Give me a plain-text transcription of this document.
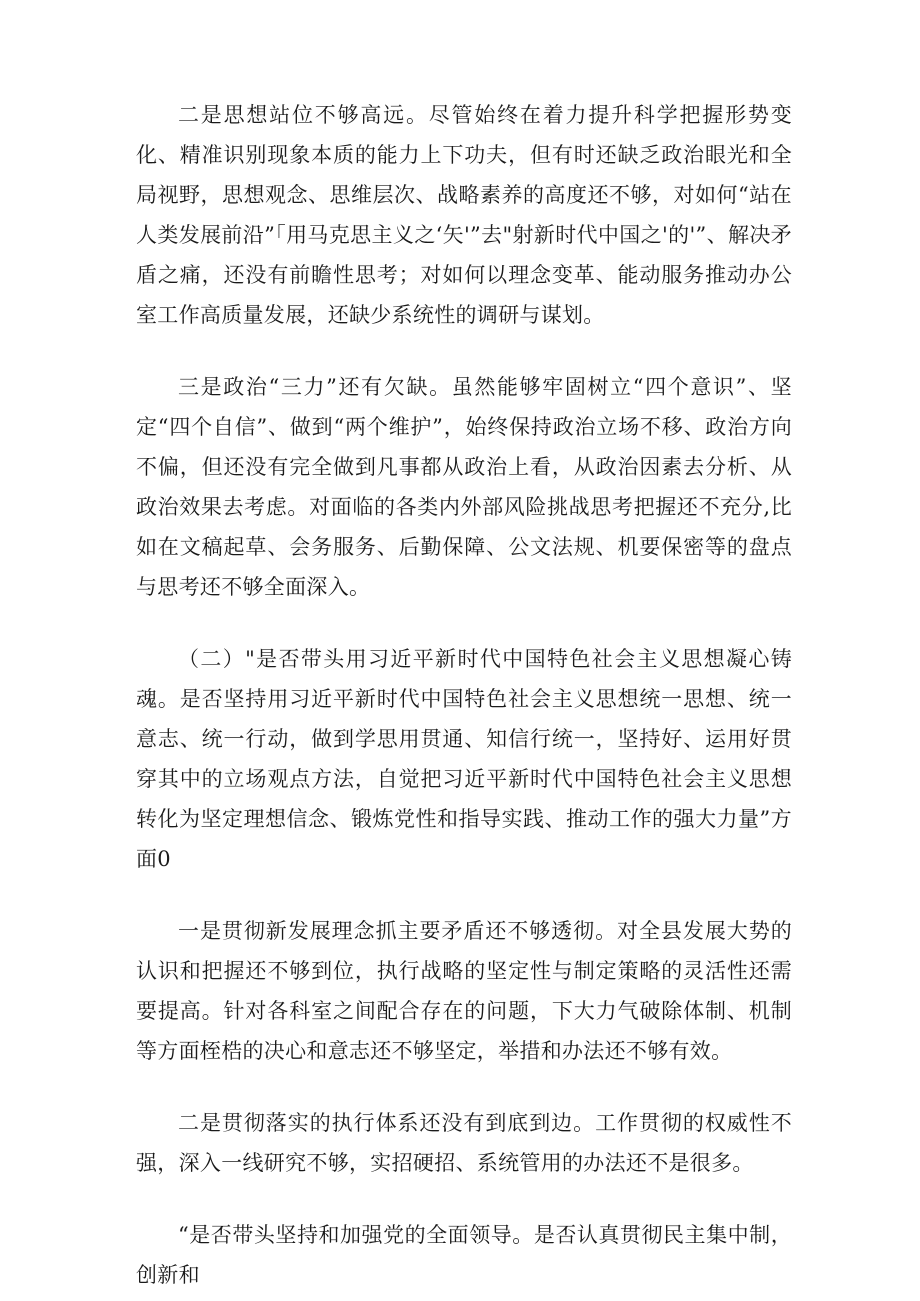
二是思想站位不够高远。尽管始终在着力提升科学把握形势变化、精准识别现象本质的能力上下功夫，但有时还缺乏政治眼光和全局视野，思想观念、思维层次、战略素养的高度还不够，对如何“站在人类发展前沿”「用马克思主义之‘矢'”去"射新时代中国之'的'”、解决矛盾之痛，还没有前瞻性思考；对如何以理念变革、能动服务推动办公室工作高质量发展，还缺少系统性的调研与谋划。

三是政治“三力”还有欠缺。虽然能够牢固树立“四个意识”、坚定“四个自信”、做到“两个维护”，始终保持政治立场不移、政治方向不偏，但还没有完全做到凡事都从政治上看，从政治因素去分析、从政治效果去考虑。对面临的各类内外部风险挑战思考把握还不充分,比如在文稿起草、会务服务、后勤保障、公文法规、机要保密等的盘点与思考还不够全面深入。

（二）"是否带头用习近平新时代中国特色社会主义思想凝心铸魂。是否坚持用习近平新时代中国特色社会主义思想统一思想、统一意志、统一行动，做到学思用贯通、知信行统一，坚持好、运用好贯穿其中的立场观点方法，自觉把习近平新时代中国特色社会主义思想转化为坚定理想信念、锻炼党性和指导实践、推动工作的强大力量”方面0

一是贯彻新发展理念抓主要矛盾还不够透彻。对全县发展大势的认识和把握还不够到位，执行战略的坚定性与制定策略的灵活性还需要提高。针对各科室之间配合存在的问题，下大力气破除体制、机制等方面桎梏的决心和意志还不够坚定，举措和办法还不够有效。

二是贯彻落实的执行体系还没有到底到边。工作贯彻的权威性不强，深入一线研究不够，实招硬招、系统管用的办法还不是很多。

“是否带头坚持和加强党的全面领导。是否认真贯彻民主集中制，创新和
